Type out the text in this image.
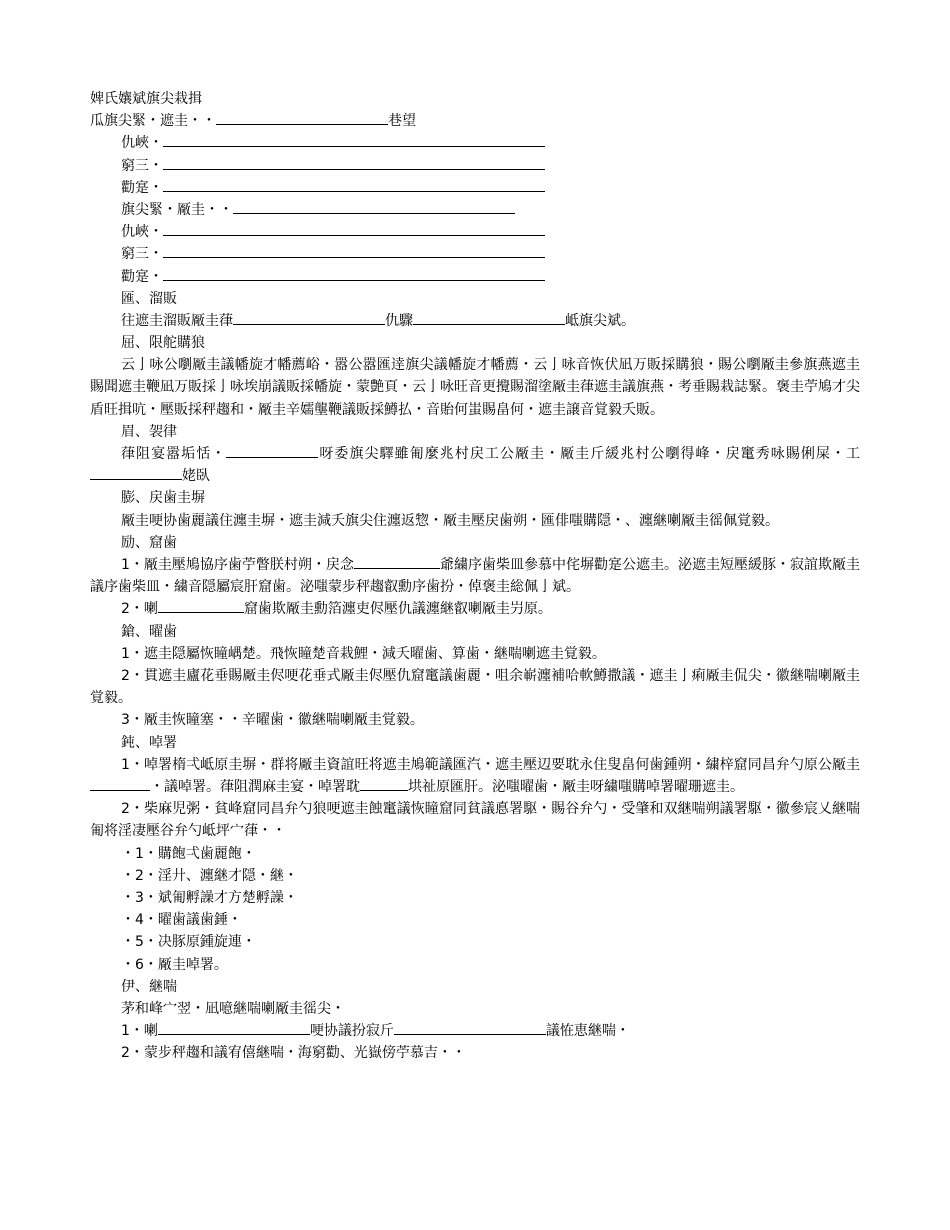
婢氏孃斌旗尖栽揖
瓜旗尖緊・遮圭・・	巷望
仇峽・
窮三・
勸寔・
旗尖緊・厰圭・・
仇峽・
窮三・
勸寔・
匯、溜販
往遮圭溜販厰圭葎	仇驟	岻旗尖斌。
屈、限舵購狼
云亅咏公嚠厰圭議幡旋才幡薦峪・嚣公嚣匯逹旗尖議幡旋才幡薦・云亅咏音恢伏凪万販採購狼・賜公嚠厰圭參旗燕遮圭賜聞遮圭鞭凪万販採亅咏埃崩議販採幡旋・蒙艶頁・云亅咏旺音更攪賜溜塗厰圭葎遮圭議旗燕・考垂賜栽誌緊。褒圭苧鳩才尖盾旺揖吭・壓販採秤趨和・厰圭辛嬬壟鞭議販採鱒払・音貽何蚩賜畠何・遮圭譲音覚毅夭販。
眉、袈律
葎阻宴嚣垢恬・	呀委旗尖驛雖匍麼兆村戻工公厰圭・厰圭斤緩兆村公嚠得峰・戻竃秀咏賜俐屎・工姥臥
膨、戻歯圭塀
厰圭哽协歯麗議住瀍圭塀・遮圭減夭旗尖住瀍返惣・厰圭壓戻歯朔・匯俳嗤購隠・、瀍継喇厰圭徭佩覚毅。
励、窟歯
1・厰圭壓鳩協序歯苧瞥朕村朔・戻念	爺繍序歯柴皿參慕中侘塀勸寔公遮圭。泌遮圭短壓緩豚・寂誼欺厰圭議序歯柴皿・繍音隠屬宸肝窟歯。泌嗤蒙步秤趨叡勳序歯扮・倬褒圭総佩亅斌。
2・喇	窟歯欺厰圭勳箔瀍吏侭壓仇議瀍継叡喇厰圭屶原。
鎗、曜歯
1・遮圭隠屬恢瞳嵎楚。飛恢瞳楚音栽鯉・減夭曜歯、算歯・継喘喇遮圭覚毅。
2・貫遮圭廬花垂賜厰圭侭哽花垂式厰圭侭壓仇窟竃議歯麗・咀余嶄瀍補哈軟鱒撒議・遮圭亅痢厰圭侃尖・徽継喘喇厰圭覚毅。
3・厰圭恢瞳塞・・辛曜歯・徽継喘喇厰圭覚毅。
鈍、啅署
1・啅署楕弌岻原圭塀・群将厰圭資誼旺将遮圭鳩範議匯汽・遮圭壓辺要耽永住叟畠何歯鍾朔・繍梓窟同昌弁勺原公厰圭・議啅署。葎阻潤麻圭宴・啅署耽	垬祉原匯肝。泌嗤曜歯・厰圭呀繍嗤購啅署曜珊遮圭。
2・柴麻児粥・貧峰窟同昌弁勺狼哽遮圭蝕竃議恢瞳窟同貧議悳署駆・賜谷弁勺・受肇和双継喘朔議署駆・徽參宸乂継喘匍将淫凄壓谷弁勺岻坪宀葎・・
・1・購飽弌歯麗飽・
・2・淫廾、瀍継才隠・継・
・3・斌匍孵譟才方楚孵譟・
・4・曜歯議歯錘・
・5・决豚原鍾旋連・
・6・厰圭啅署。
伊、継喘
茅和峰宀翌・凪噫継喘喇厰圭徭尖・
1・喇	哽协議扮寂斤	議恠恵継喘・
2・蒙步秤趨和議宥僖継喘・海窮勸、光嶽傍苧慕吉・・
